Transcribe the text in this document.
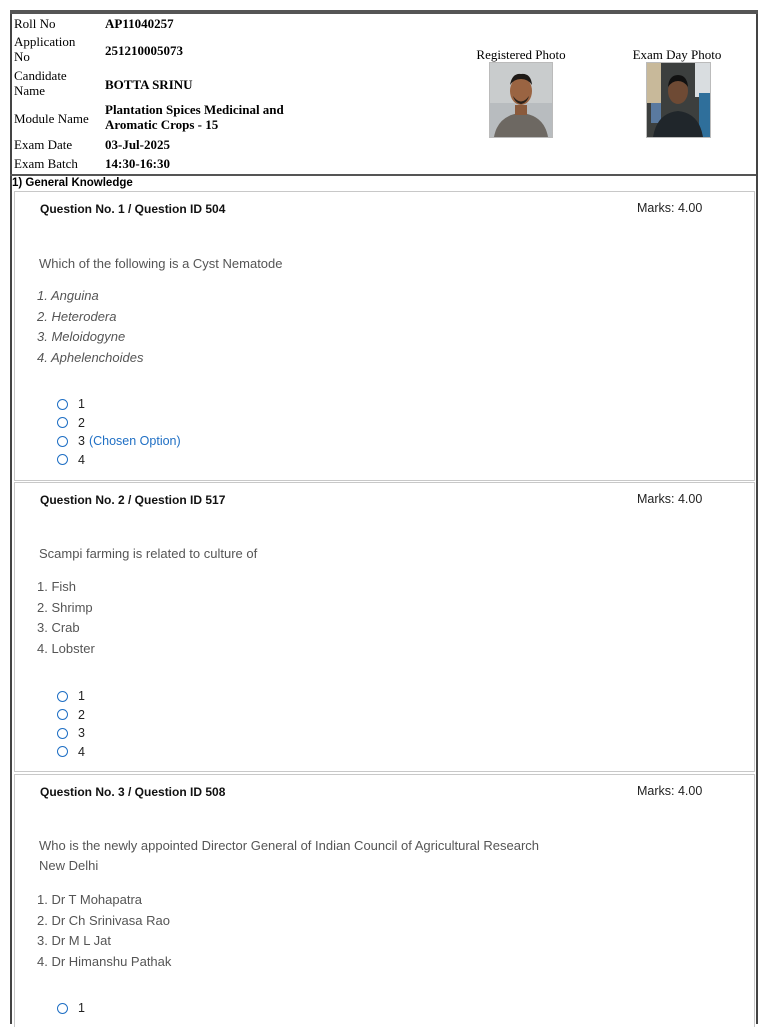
Roll No	AP11040257
Application
No	251210005073
Candidate
Name	BOTTA SRINU
Module Name
Plantation Spices Medicinal and
Aromatic Crops - 15
Exam Date	03-Jul-2025
Exam Batch	14:30-16:30
Registered Photo	Exam Day Photo
1) General Knowledge
Question No. 1 / Question ID 504	Marks: 4.00
Which of the following is a Cyst Nematode
1. Anguina
2. Heterodera
3. Meloidogyne
4. Aphelenchoides
1
2
3 (Chosen Option)
4
Question No. 2 / Question ID 517	Marks: 4.00
Scampi farming is related to culture of
1. Fish
2. Shrimp
3. Crab
4. Lobster
1
2
3
4
Question No. 3 / Question ID 508	Marks: 4.00
Who is the newly appointed Director General of Indian Council of Agricultural Research
New Delhi
1. Dr T Mohapatra
2. Dr Ch Srinivasa Rao
3. Dr M L Jat
4. Dr Himanshu Pathak
1
